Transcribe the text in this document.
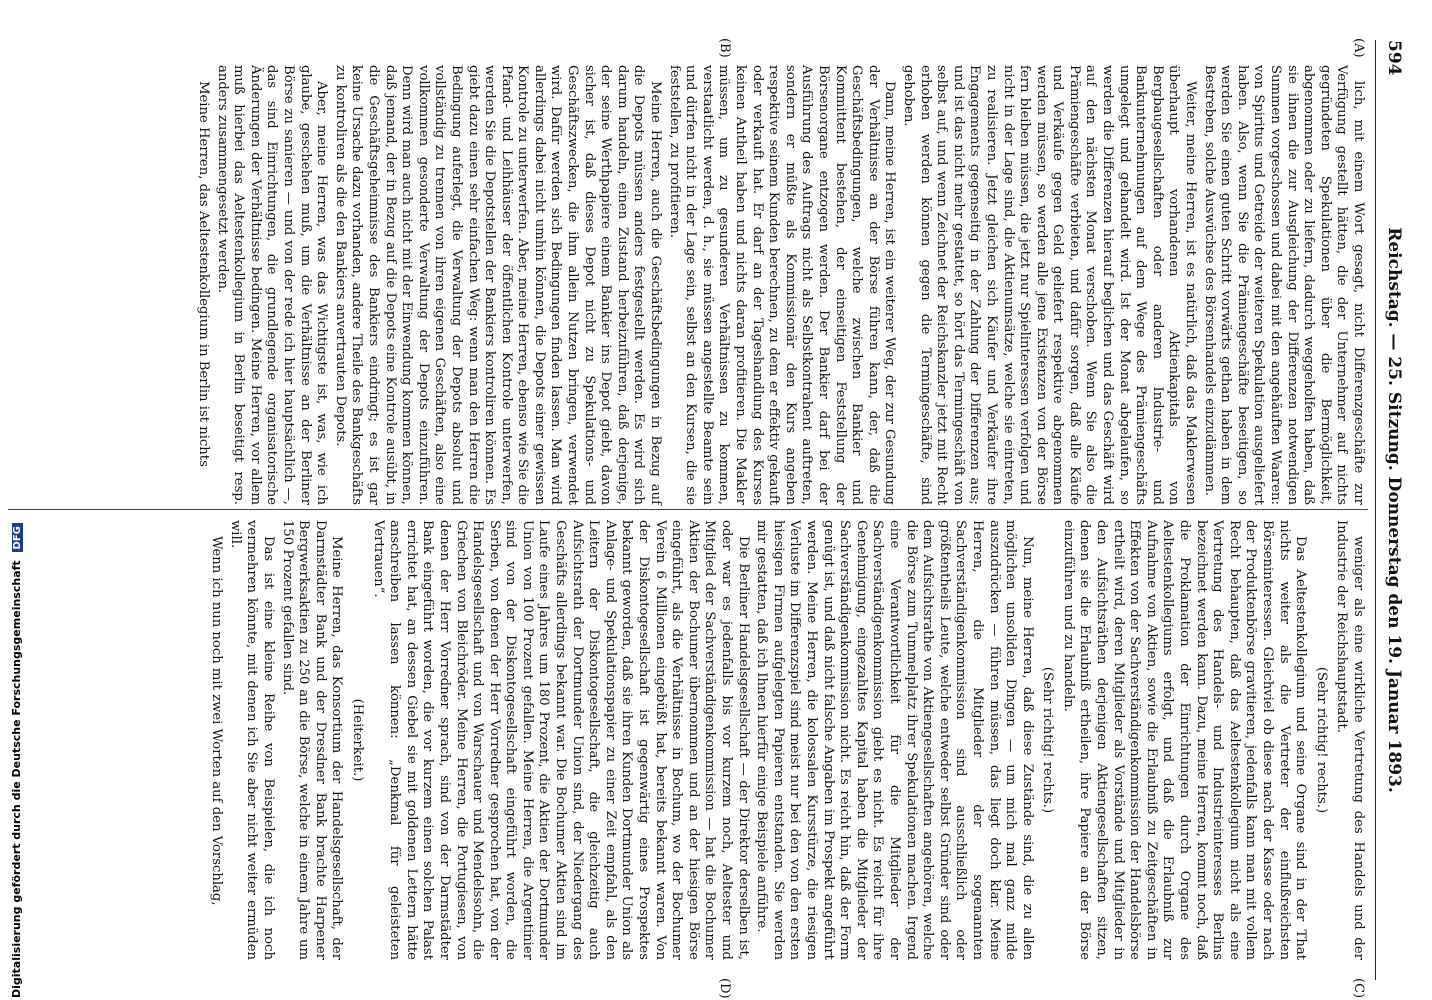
594
Reichstag. — 25. Sitzung. Donnerstag den 19. Januar 1893.
(A)
(B)
(C)
(D)

lich, mit einem Wort gesagt, nicht Differenzgeschäfte zur Verfügung gestellt hätten, die der Unternehmer auf nichts gegründeten Spekulationen über die Bermöglichkeit, abgenommen oder zu liefern, dadurch weggeholfen haben, daß sie ihnen die zur Ausgleichung der Differenzen notwendigen Summen vorgeschossen und dabei mit den angehäuften Waaren: von Spiritus und Getreide der weiteren Spekulation ausgeliefert haben. Also, wenn Sie die Prämiengeschäfte beseitigen, so werden Sie einen guten Schritt vorwärts gethan haben in dem Bestreben, solche Auswüchse des Börsenhandels einzudämmen.

Weiter, meine Herren, ist es natürlich, daß das Maklerwesen überhaupt vorhandenen Aktienkapitals von Bergbaugesellschaften oder anderen Industrie- und Bankunternehmungen auf dem Wege des Prämiengeschäfts umgelegt und gehandelt wird. Ist der Monat abgelaufen, so werden die Differenzen hierauf beglichen und das Geschäft wird auf den nächsten Monat verschoben. Wenn Sie also die Prämiengeschäfte verbieten, und dafür sorgen, daß alle Käufe und Verkäufe gegen Geld geliefert respektive abgenommen werden müssen, so werden alle jene Existenzen von der Börse fern bleiben müssen, die jetzt nur Spielinteressen verfolgen und nicht in der Lage sind, die Aktienumsätze, welche sie eintreten, zu realisieren. Jetzt gleichen sich Käufer und Verkäufer ihre Engagements gegenseitig in der Zahlung der Differenzen aus; und ist das nicht mehr gestattet, so hört das Termingeschäft von selbst auf, und wenn Zeichnet der Reichskanzler jetzt mit Recht erhoben werden können gegen die Termingeschäfte, sind gehoben.

Dann, meine Herren, ist ein weiterer Weg, der zur Gesundung der Verhältnisse an der Börse führen kann, der, daß die Geschäftsbedingungen, welche zwischen Bankier und Kommittent bestehen, der einseitigen Feststellung der Börsenorgane entzogen werden. Der Bankier darf bei der Ausführung des Auftrags nicht als Selbstkontrahent auftreten, sondern er müßte als Kommissionär den Kurs angeben respektive seinem Kunden berechnen, zu dem er effektiv gekauft oder verkauft hat. Er darf an der Tageshandlung des Kurses keinen Antheil haben und nichts daran profitieren. Die Makler müssen, um zu gesunderen Verhältnissen zu kommen, verstaatlicht werden, d. h., sie müssen angestellte Beamte sein und dürfen nicht in der Lage sein, selbst an den Kursen, die sie feststellen, zu profitieren.

Meine Herren, auch die Geschäftsbedingungen in Bezug auf die Depots müssen anders festgestellt werden. Es wird sich darum handeln, einen Zustand herbeizuführen, daß derjenige, der seine Werthpapiere einem Bankier ins Depot giebt, davon sicher ist, daß dieses Depot nicht zu Spekulations- und Geschäftszwecken, die ihm allein Nutzen bringen, verwendet wird. Dafür werden sich Bedingungen finden lassen. Man wird allerdings dabei nicht umhin können, die Depots einer gewissen Kontrole zu unterwerfen. Aber, meine Herren, ebenso wie Sie die Pfand- und Leihhäuser der öffentlichen Kontrole unterwerfen, werden Sie die Depotstellen der Bankiers kontroliren können. Es giebt dazu einen sehr einfachen Weg: wenn man den Herren die Bedingung auferlegt, die Verwaltung der Depots absolut und vollständig zu trennen von ihren eigenen Geschäften, also eine vollkommen gesonderte Verwaltung der Depots einzuführen. Denn wird man auch nicht mit der Einwendung kommen können, daß jemand, der in Bezug auf die Depots eine Kontrole ausübt, in die Geschäftsgeheimnisse des Bankiers eindringt; es ist gar keine Ursache dazu vorhanden, andere Theile des Bankgeschäfts zu kontroliren als die den Bankiers anvertrauten Depots.

Aber, meine Herren, was das Wichtigste ist, was, wie ich glaube, geschehen muß, um die Verhältnisse an der Berliner Börse zu sanieren — und von der rede ich hier hauptsächlich —, das sind Einrichtungen, die grundlegende organisatorische Änderungen der Verhältnisse bedingen. Meine Herren, vor allem muß hierbei das Aeltestenkollegium in Berlin beseitigt resp. anders zusammengesetzt werden.

Meine Herren, das Aeltestenkollegium in Berlin ist nichts

weniger als eine wirkliche Vertretung des Handels und der Industrie der Reichshauptstadt.

(Sehr richtig! rechts.)

Das Aeltestenkollegium und seine Organe sind in der That nichts weiter als die Vertreter der einflußreichsten Börseninteressen. Gleichviel ob diese nach der Kasse oder nach der Produktenbörse gravitieren, jedenfalls kann man mit vollem Recht behaupten, daß das Aeltestenkollegium nicht als eine Vertretung des Handels- und Industrieinteresses Berlins bezeichnet werden kann. Dazu, meine Herren, kommt noch, daß die Proklamation der Einrichtungen durch Organe des Aeltestenkollegiums erfolgt, und daß die Erlaubniß zur Aufnahme von Aktien, sowie die Erlaubniß zu Zeitgeschäften in Effekten von der Sachverständigenkommission der Handelsbörse ertheilt wird, deren Mitglieder als Vorstände und Mitglieder in den Aufsichtsräthen derjenigen Aktiengesellschaften sitzen, denen sie die Erlaubniß ertheilen, ihre Papiere an der Börse einzuführen und zu handeln.

(Sehr richtig! rechts.)

Nun, meine Herren, daß diese Zustände sind, die zu allen möglichen unsoliden Dingen — um mich mal ganz milde auszudrücken — führen müssen, das liegt doch klar. Meine Herren, die Mitglieder der sogenannten Sachverständigenkommission sind ausschließlich oder größtentheils Leute, welche entweder selbst Gründer sind oder dem Aufsichtsrathe von Aktiengesellschaften angehören, welche die Börse zum Tummelplatz ihrer Spekulationen machen. Irgend eine Verantwortlichkeit für die Mitglieder der Sachverständigenkommission giebt es nicht. Es reicht für ihre Genehmigung, eingezahltes Kapital haben die Mitglieder der Sachverständigenkommission nicht. Es reicht hin, daß der Form genügt ist, und daß nicht falsche Angaben im Prospekt angeführt werden. Meine Herren, die kolossalen Kursstürze, die riesigen Verluste im Differenzspiel sind meist nur bei den von den ersten hiesigen Firmen aufgelegten Papieren entstanden. Sie werden mir gestatten, daß ich Ihnen hierfür einige Beispiele anführe.

Die Berliner Handelsgesellschaft — der Direktor derselben ist, oder war es jedenfalls bis vor kurzem noch, Aeltester und Mitglied der Sachverständigenkommission — hat die Bochumer Aktien der Bochumer übernommen und an der hiesigen Börse eingeführt, als die Verhältnisse in Bochum, wo der Bochumer Verein 6 Millionen eingebüßt hat, bereits bekannt waren. Von der Diskontogesellschaft ist gegenwärtig eines Prospektes bekannt geworden, daß sie ihren Kunden Dortmunder Union als Anlage- und Spekulationspapier zu einer Zeit empfahl, als den Leitern der Diskontogesellschaft, die gleichzeitig auch Aufsichtsrath der Dortmunder Union sind, der Niedergang des Geschäfts allerdings bekannt war. Die Bochumer Aktien sind im Laufe eines Jahres um 180 Prozent, die Aktien der Dortmunder Union von 100 Prozent gefallen. Meine Herren, die Argentinier sind von der Diskontogesellschaft eingeführt worden, die Serben, von denen der Herr Vorredner gesprochen hat, von der Handelsgesellschaft und von Warschauer und Mendelssohn, die Griechen von Bleichröder. Meine Herren, die Portugiesen, von denen der Herr Vorredner sprach, sind von der Darmstädter Bank eingeführt worden, die vor kurzem einen solchen Palast errichtet hat, an dessen Giebel sie mit goldenen Lettern hätte anschreiben lassen können: „Denkmal für geleisteten Vertrauen“.

(Heiterkeit.)

Meine Herren, das Konsortium der Handelsgesellschaft, der Darmstädter Bank und der Dresdner Bank brachte Harpener Bergwerksaktien zu 250 an die Börse, welche in einem Jahre um 150 Prozent gefallen sind.

Das ist eine kleine Reihe von Beispielen, die ich noch vermehren könnte, mit denen ich Sie aber nicht weiter ermüden will.

Wenn ich nun noch mit zwei Worten auf den Vorschlag,

Digitalisierung gefördert durch die Deutsche Forschungsgemeinschaft DFG
